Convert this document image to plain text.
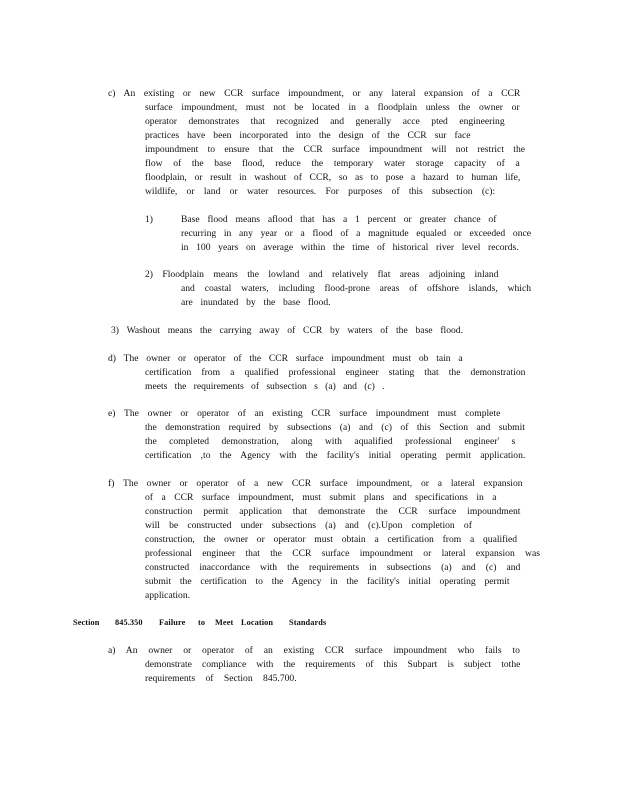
c) An existing or new CCR surface impoundment, or any lateral expansion of a CCR
surface impoundment, must not be located in a floodplain unless the owner or
operator demonstrates that recognized and generally acce pted engineering
practices have been incorporated into the design of the CCR sur face
impoundment to ensure that the CCR surface impoundment will not restrict the
flow of the base flood, reduce the temporary water storage capacity of a
floodplain, or result in washout of CCR, so as to pose a hazard to human life,
wildlife, or land or water resources. For purposes of this subsection (c):
1)	Base flood means aflood that has a 1 percent or greater chance of
recurring in any year or a flood of a magnitude equaled or exceeded once
in 100 years on average within the time of historical river level records.
2) Floodplain means the lowland and relatively flat areas adjoining inland
and coastal waters, including flood-prone areas of offshore islands, which
are inundated by the base flood.
3) Washout means the carrying away of CCR by waters of the base flood.
d) The owner or operator of the CCR surface impoundment must ob tain a
certification from a qualified professional engineer stating that the demonstration
meets the requirements of subsection s (a) and (c) .
e) The owner or operator of an existing CCR surface impoundment must complete
the demonstration required by subsections (a) and (c) of this Section and submit
the completed demonstration, along with aqualified professional engineer' s
certification ,to the Agency with the facility's initial operating permit application.
f) The owner or operator of a new CCR surface impoundment, or a lateral expansion
of a CCR surface impoundment, must submit plans and specifications in a
construction permit application that demonstrate the CCR surface impoundment
will be constructed under subsections (a) and (c).Upon completion of
construction, the owner or operator must obtain a certification from a qualified
professional engineer that the CCR surface impoundment or lateral expansion was
constructed inaccordance with the requirements in subsections (a) and (c) and
submit the certification to the Agency in the facility's initial operating permit
application.
Section 845.350 Failure to Meet Location Standards
a) An owner or operator of an existing CCR surface impoundment who fails to
demonstrate compliance with the requirements of this Subpart is subject tothe
requirements of Section 845.700.
